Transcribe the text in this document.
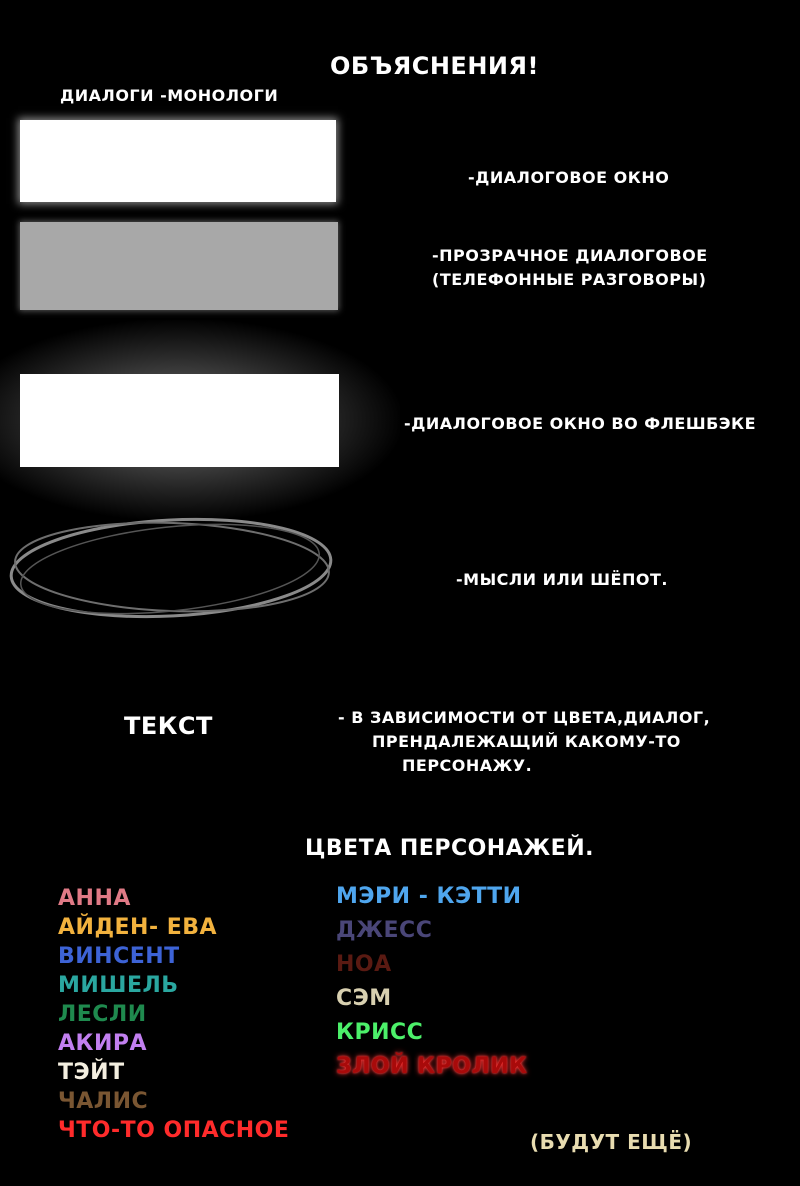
ОБЪЯСНЕНИЯ!
ДИАЛОГИ -МОНОЛОГИ
-ДИАЛОГОВОЕ ОКНО
-ПРОЗРАЧНОЕ ДИАЛОГОВОЕ
(ТЕЛЕФОННЫЕ РАЗГОВОРЫ)
-ДИАЛОГОВОЕ ОКНО ВО ФЛЕШБЭКЕ
-МЫСЛИ ИЛИ ШЁПОТ.
ТЕКСТ	- В ЗАВИСИМОСТИ ОТ ЦВЕТА,ДИАЛОГ,
ПРЕНДАЛЕЖАЩИЙ КАКОМУ-ТО
ПЕРСОНАЖУ.
ЦВЕТА ПЕРСОНАЖЕЙ.
АННА
АЙДЕН- ЕВА
ВИНСЕНТ
МИШЕЛЬ
ЛЕСЛИ
АКИРА
ТЭЙТ
ЧАЛИС
ЧТО-ТО ОПАСНОЕ
МЭРИ - КЭТТИ
ДЖЕСС
НОА
СЭМ
КРИСС
ЗЛОЙ КРОЛИК
(БУДУТ ЕЩЁ)
